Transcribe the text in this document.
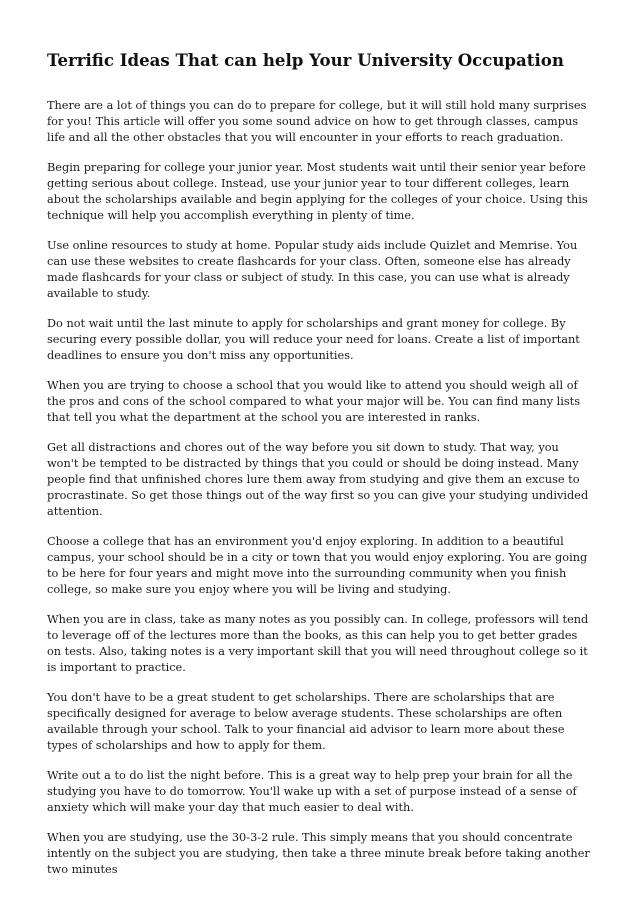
Terrific Ideas That can help Your University Occupation

There are a lot of things you can do to prepare for college, but it will still hold many surprises for you! This article will offer you some sound advice on how to get through classes, campus life and all the other obstacles that you will encounter in your efforts to reach graduation.

Begin preparing for college your junior year. Most students wait until their senior year before getting serious about college. Instead, use your junior year to tour different colleges, learn about the scholarships available and begin applying for the colleges of your choice. Using this technique will help you accomplish everything in plenty of time.

Use online resources to study at home. Popular study aids include Quizlet and Memrise. You can use these websites to create flashcards for your class. Often, someone else has already made flashcards for your class or subject of study. In this case, you can use what is already available to study.

Do not wait until the last minute to apply for scholarships and grant money for college. By securing every possible dollar, you will reduce your need for loans. Create a list of important deadlines to ensure you don't miss any opportunities.

When you are trying to choose a school that you would like to attend you should weigh all of the pros and cons of the school compared to what your major will be. You can find many lists that tell you what the department at the school you are interested in ranks.

Get all distractions and chores out of the way before you sit down to study. That way, you won't be tempted to be distracted by things that you could or should be doing instead. Many people find that unfinished chores lure them away from studying and give them an excuse to procrastinate. So get those things out of the way first so you can give your studying undivided attention.

Choose a college that has an environment you'd enjoy exploring. In addition to a beautiful campus, your school should be in a city or town that you would enjoy exploring. You are going to be here for four years and might move into the surrounding community when you finish college, so make sure you enjoy where you will be living and studying.

When you are in class, take as many notes as you possibly can. In college, professors will tend to leverage off of the lectures more than the books, as this can help you to get better grades on tests. Also, taking notes is a very important skill that you will need throughout college so it is important to practice.

You don't have to be a great student to get scholarships. There are scholarships that are specifically designed for average to below average students. These scholarships are often available through your school. Talk to your financial aid advisor to learn more about these types of scholarships and how to apply for them.

Write out a to do list the night before. This is a great way to help prep your brain for all the studying you have to do tomorrow. You'll wake up with a set of purpose instead of a sense of anxiety which will make your day that much easier to deal with.

When you are studying, use the 30-3-2 rule. This simply means that you should concentrate intently on the subject you are studying, then take a three minute break before taking another two minutes
